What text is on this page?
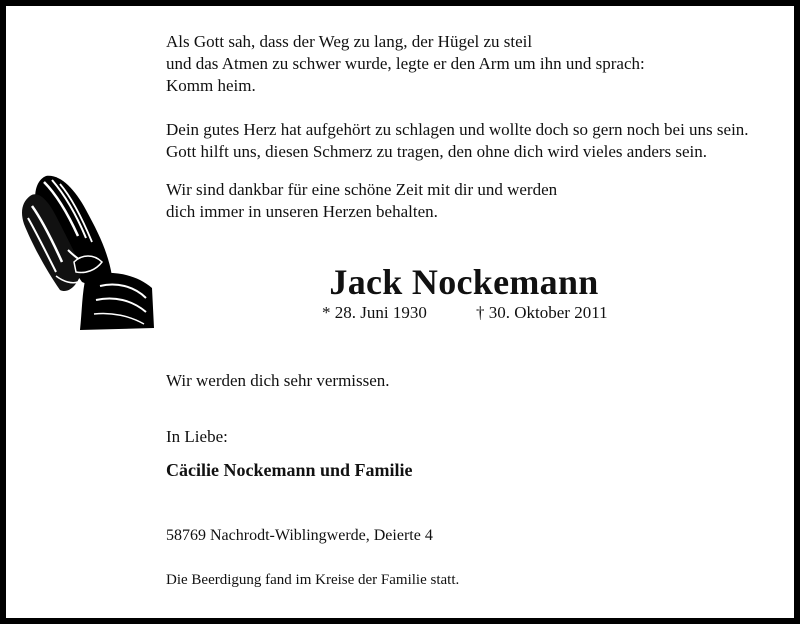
Als Gott sah, dass der Weg zu lang, der Hügel zu steil
und das Atmen zu schwer wurde, legte er den Arm um ihn und sprach:
Komm heim.
Dein gutes Herz hat aufgehört zu schlagen und wollte doch so gern noch bei uns sein.
Gott hilft uns, diesen Schmerz zu tragen, den ohne dich wird vieles anders sein.
Wir sind dankbar für eine schöne Zeit mit dir und werden
dich immer in unseren Herzen behalten.
Jack Nockemann
* 28. Juni 1930	† 30. Oktober 2011
Wir werden dich sehr vermissen.
In Liebe:
Cäcilie Nockemann und Familie
58769 Nachrodt-Wiblingwerde, Deierte 4
Die Beerdigung fand im Kreise der Familie statt.
